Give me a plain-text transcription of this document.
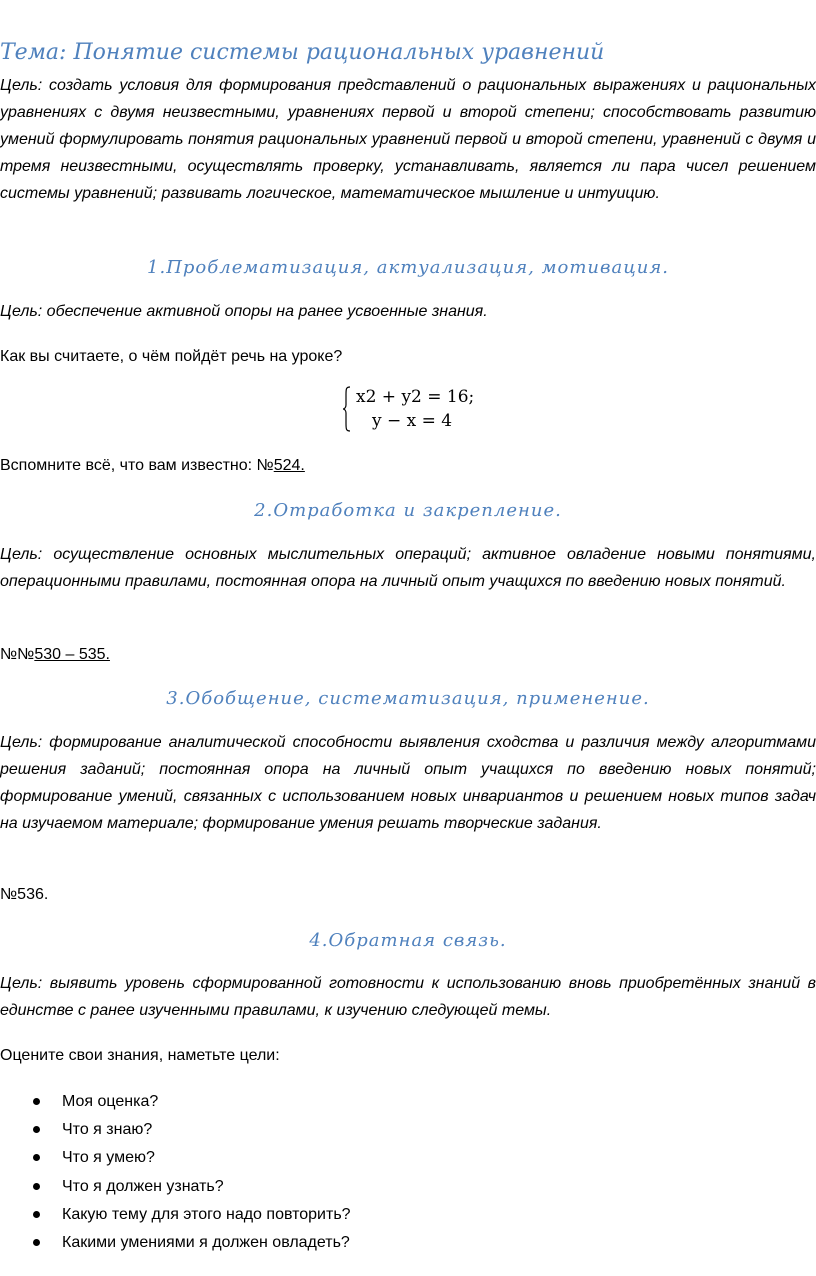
Тема: Понятие системы рациональных уравнений
Цель: создать условия для формирования представлений о рациональных выражениях и рациональных уравнениях с двумя неизвестными, уравнениях первой и второй степени; способствовать развитию умений формулировать понятия рациональных уравнений первой и второй степени, уравнений с двумя и тремя неизвестными, осуществлять проверку, устанавливать, является ли пара чисел решением системы уравнений; развивать логическое, математическое мышление и интуицию.
1.Проблематизация, актуализация, мотивация.
Цель: обеспечение активной опоры на ранее усвоенные знания.
Как вы считаете, о чём пойдёт речь на уроке?
x2 + y2 = 16;
y − x = 4
Вспомните всё, что вам известно: №524.
2.Отработка и закрепление.
Цель: осуществление основных мыслительных операций; активное овладение новыми понятиями, операционными правилами, постоянная опора на личный опыт учащихся по введению новых понятий.
№№530 – 535.
3.Обобщение, систематизация, применение.
Цель: формирование аналитической способности выявления сходства и различия между алгоритмами решения заданий; постоянная опора на личный опыт учащихся по введению новых понятий; формирование умений, связанных с использованием новых инвариантов и решением новых типов задач на изучаемом материале; формирование умения решать творческие задания.
№536.
4.Обратная связь.
Цель: выявить уровень сформированной готовности к использованию вновь приобретённых знаний в единстве с ранее изученными правилами, к изучению следующей темы.
Оцените свои знания, наметьте цели:
Моя оценка?
Что я знаю?
Что я умею?
Что я должен узнать?
Какую тему для этого надо повторить?
Какими умениями я должен овладеть?
